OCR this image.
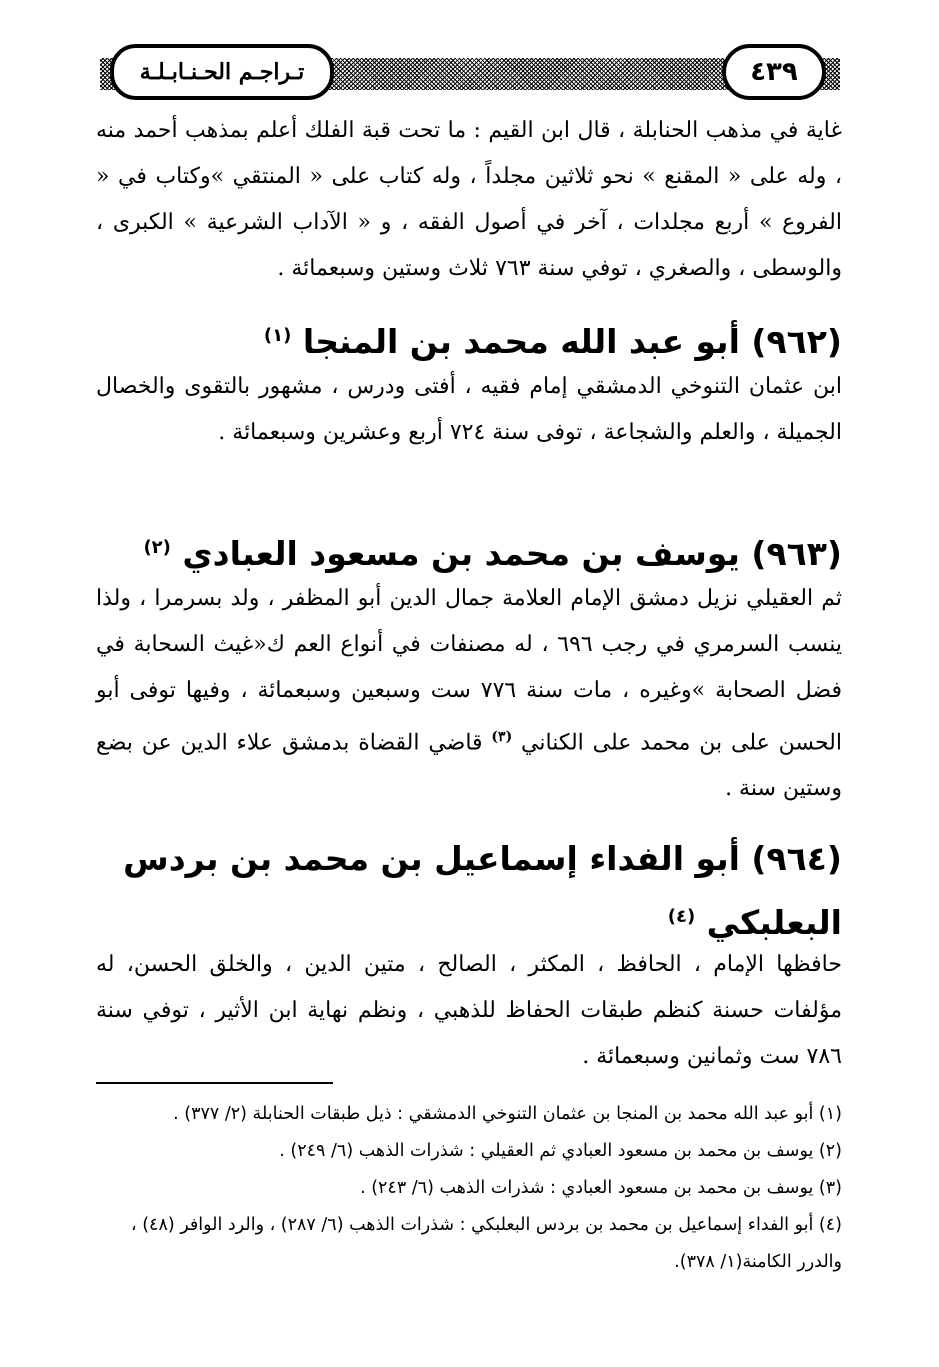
تـراجـم الحـنـابـلـة	٤٣٩
غاية في مذهب الحنابلة ، قال ابن القيم : ما تحت قبة الفلك أعلم بمذهب أحمد منه ، وله على « المقنع » نحو ثلاثين مجلداً ، وله كتاب على « المنتقي »وكتاب في « الفروع » أربع مجلدات ، آخر في أصول الفقه ، و « الآداب الشرعية » الكبرى ، والوسطى ، والصغري ، توفي سنة ٧٦٣ ثلاث وستين وسبعمائة .
(٩٦٢) أبو عبد الله محمد بن المنجا $^{(١)}$
ابن عثمان التنوخي الدمشقي إمام فقيه ، أفتى ودرس ، مشهور بالتقوى والخصال الجميلة ، والعلم والشجاعة ، توفى سنة ٧٢٤ أربع وعشرين وسبعمائة .
(٩٦٣) يوسف بن محمد بن مسعود العبادي $^{(٢)}$
ثم العقيلي نزيل دمشق الإمام العلامة جمال الدين أبو المظفر ، ولد بسرمرا ، ولذا ينسب السرمري في رجب ٦٩٦ ، له مصنفات في أنواع العم ك«غيث السحابة في فضل الصحابة »وغيره ، مات سنة ٧٧٦ ست وسبعين وسبعمائة ، وفيها توفى أبو الحسن على بن محمد على الكناني $^{(٣)}$ قاضي القضاة بدمشق علاء الدين عن بضع وستين سنة .
(٩٦٤) أبو الفداء إسماعيل بن محمد بن بردس البعلبكي $^{(٤)}$
حافظها الإمام ، الحافظ ، المكثر ، الصالح ، متين الدين ، والخلق الحسن، له مؤلفات حسنة كنظم طبقات الحفاظ للذهبي ، ونظم نهاية ابن الأثير ، توفي سنة ٧٨٦ ست وثمانين وسبعمائة .
(١) أبو عبد الله محمد بن المنجا بن عثمان التنوخي الدمشقي : ذيل طبقات الحنابلة (٢/ ٣٧٧) .
(٢) يوسف بن محمد بن مسعود العبادي ثم العقيلي : شذرات الذهب (٦/ ٢٤٩) .
(٣) يوسف بن محمد بن مسعود العبادي : شذرات الذهب (٦/ ٢٤٣) .
(٤) أبو الفداء إسماعيل بن محمد بن بردس البعلبكي : شذرات الذهب (٦/ ٢٨٧) ، والرد الوافر (٤٨) ، والدرر الكامنة(١/ ٣٧٨).
